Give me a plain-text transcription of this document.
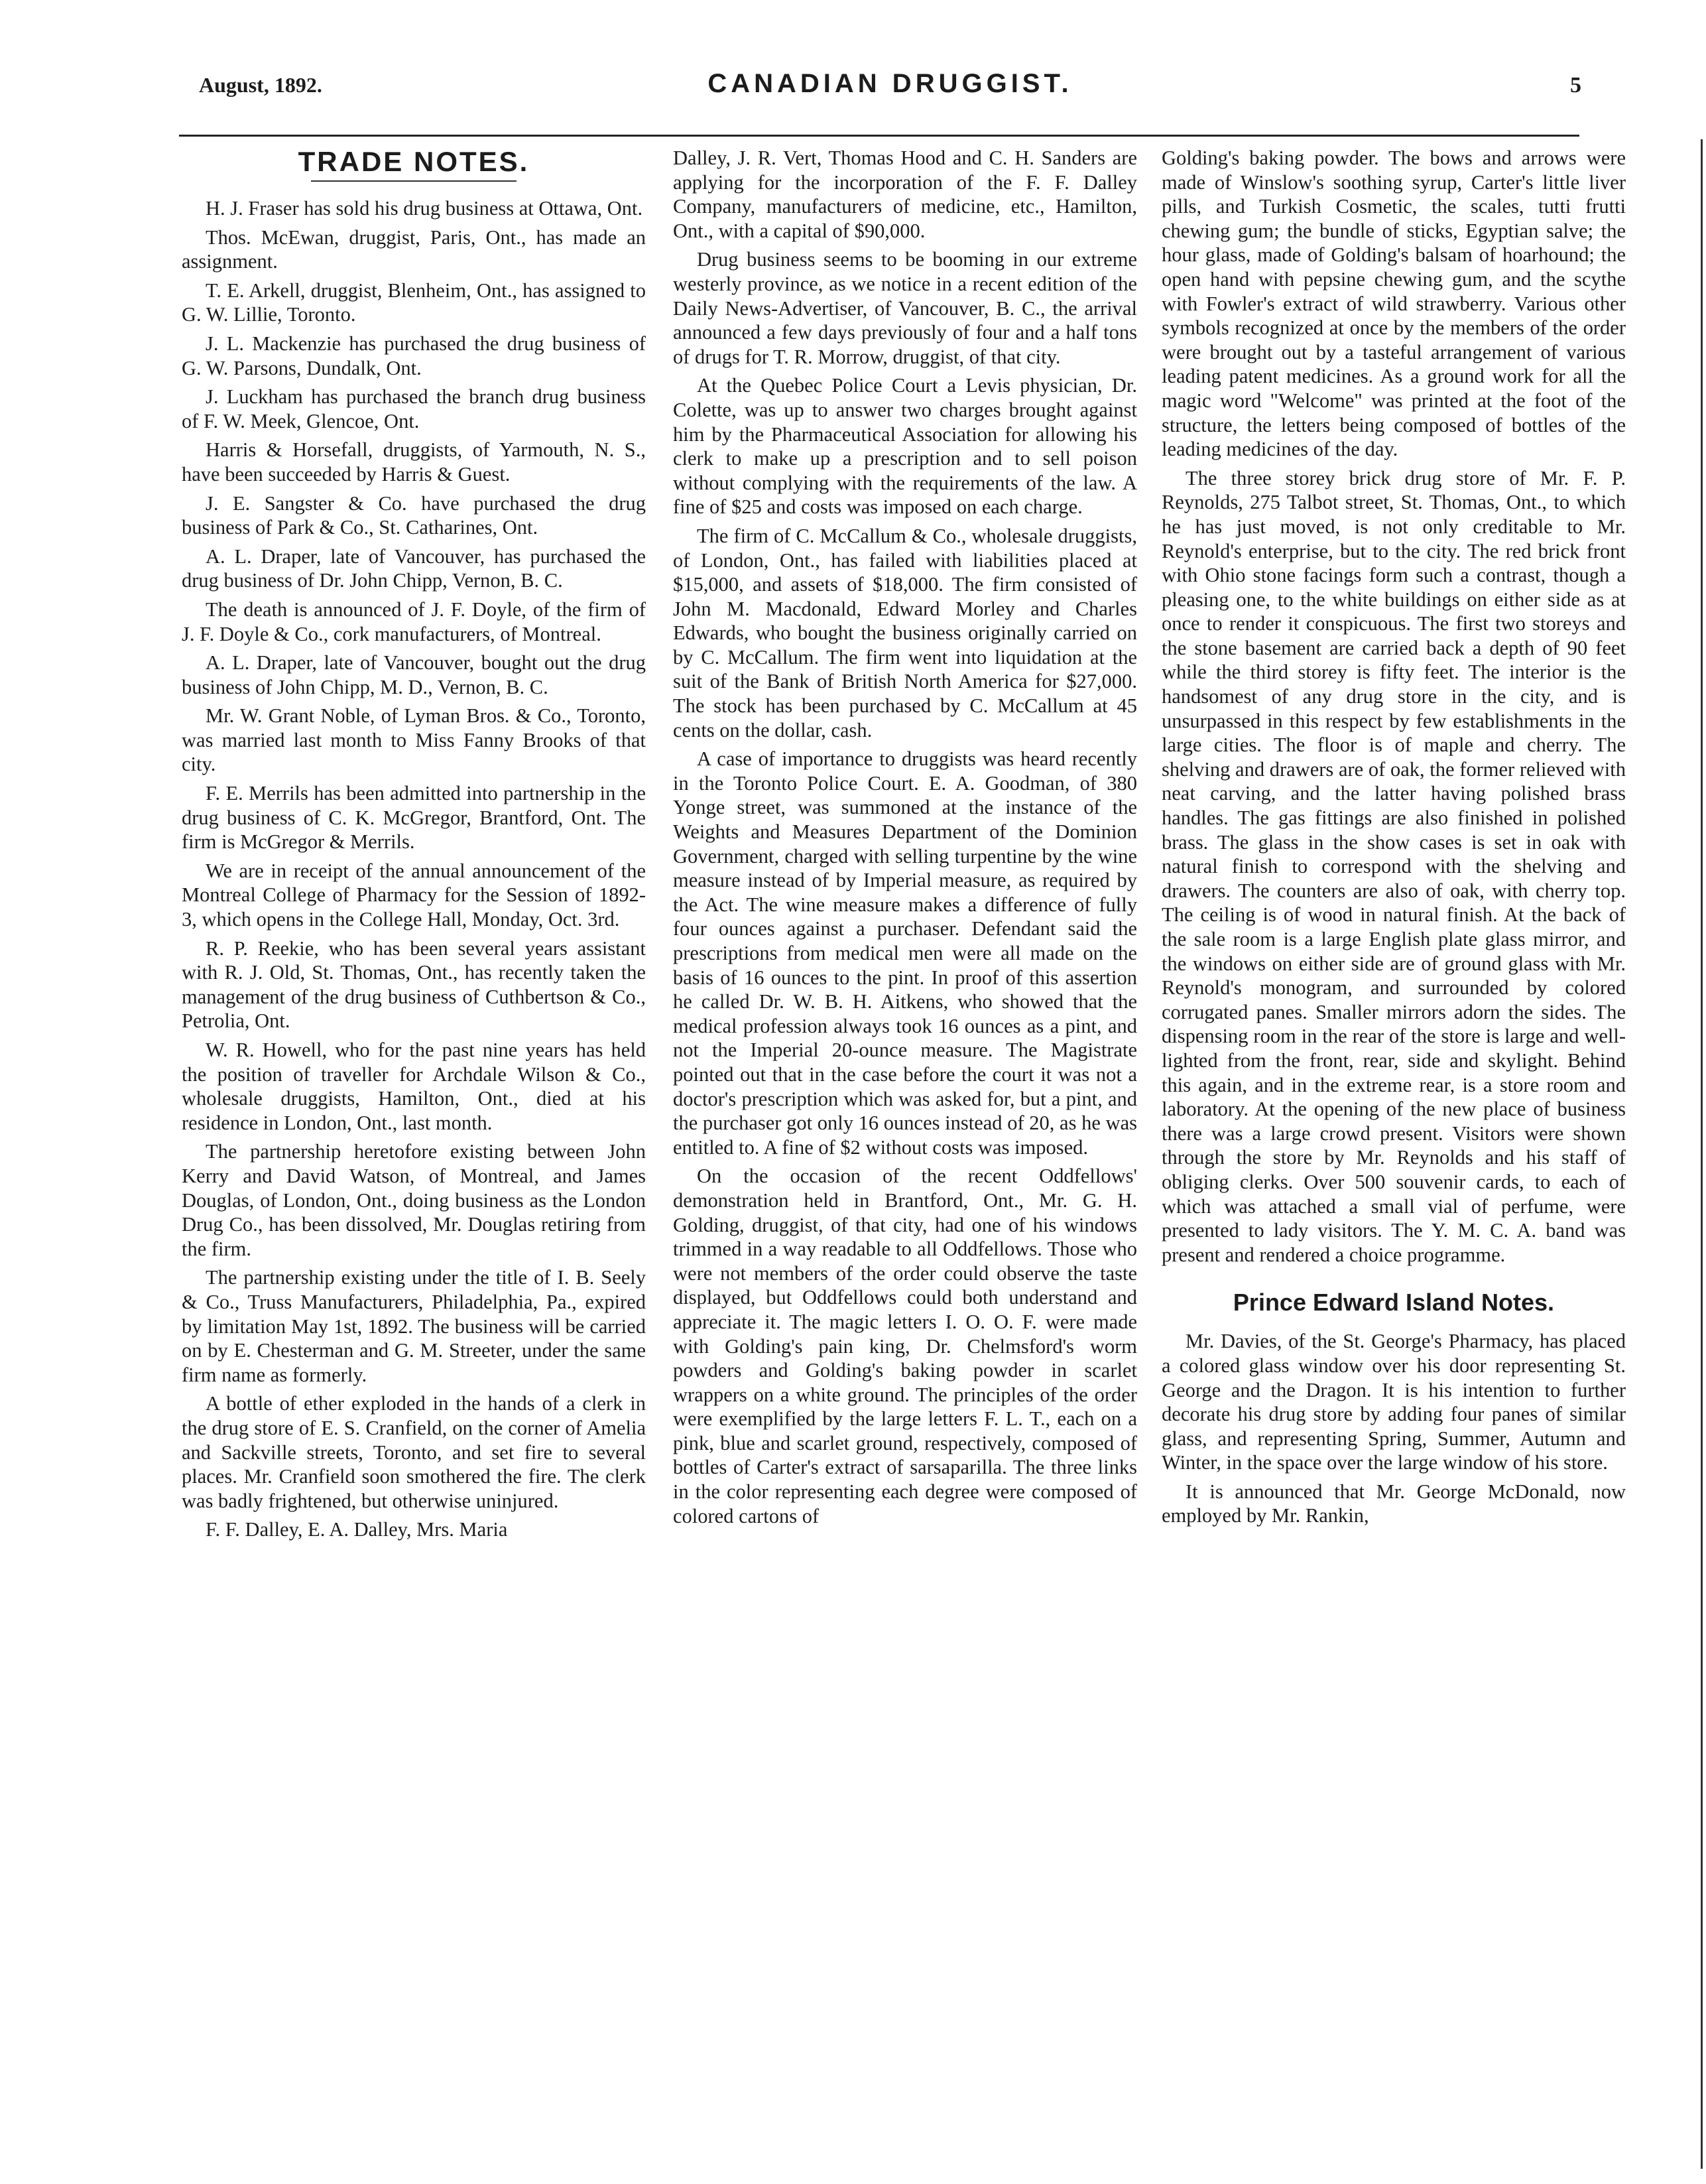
August, 1892.	CANADIAN DRUGGIST.	5
TRADE NOTES.

H. J. Fraser has sold his drug business at Ottawa, Ont.

Thos. McEwan, druggist, Paris, Ont., has made an assignment.

T. E. Arkell, druggist, Blenheim, Ont., has assigned to G. W. Lillie, Toronto.

J. L. Mackenzie has purchased the drug business of G. W. Parsons, Dundalk, Ont.

J. Luckham has purchased the branch drug business of F. W. Meek, Glencoe, Ont.

Harris & Horsefall, druggists, of Yarmouth, N. S., have been succeeded by Harris & Guest.

J. E. Sangster & Co. have purchased the drug business of Park & Co., St. Catharines, Ont.

A. L. Draper, late of Vancouver, has purchased the drug business of Dr. John Chipp, Vernon, B. C.

The death is announced of J. F. Doyle, of the firm of J. F. Doyle & Co., cork manufacturers, of Montreal.

A. L. Draper, late of Vancouver, bought out the drug business of John Chipp, M. D., Vernon, B. C.

Mr. W. Grant Noble, of Lyman Bros. & Co., Toronto, was married last month to Miss Fanny Brooks of that city.

F. E. Merrils has been admitted into partnership in the drug business of C. K. McGregor, Brantford, Ont. The firm is McGregor & Merrils.

We are in receipt of the annual announcement of the Montreal College of Pharmacy for the Session of 1892-3, which opens in the College Hall, Monday, Oct. 3rd.

R. P. Reekie, who has been several years assistant with R. J. Old, St. Thomas, Ont., has recently taken the management of the drug business of Cuthbertson & Co., Petrolia, Ont.

W. R. Howell, who for the past nine years has held the position of traveller for Archdale Wilson & Co., wholesale druggists, Hamilton, Ont., died at his residence in London, Ont., last month.

The partnership heretofore existing between John Kerry and David Watson, of Montreal, and James Douglas, of London, Ont., doing business as the London Drug Co., has been dissolved, Mr. Douglas retiring from the firm.

The partnership existing under the title of I. B. Seely & Co., Truss Manufacturers, Philadelphia, Pa., expired by limitation May 1st, 1892. The business will be carried on by E. Chesterman and G. M. Streeter, under the same firm name as formerly.

A bottle of ether exploded in the hands of a clerk in the drug store of E. S. Cranfield, on the corner of Amelia and Sackville streets, Toronto, and set fire to several places. Mr. Cranfield soon smothered the fire. The clerk was badly frightened, but otherwise uninjured.

F. F. Dalley, E. A. Dalley, Mrs. Maria

Dalley, J. R. Vert, Thomas Hood and C. H. Sanders are applying for the incorporation of the F. F. Dalley Company, manufacturers of medicine, etc., Hamilton, Ont., with a capital of $90,000.

Drug business seems to be booming in our extreme westerly province, as we notice in a recent edition of the Daily News-Advertiser, of Vancouver, B. C., the arrival announced a few days previously of four and a half tons of drugs for T. R. Morrow, druggist, of that city.

At the Quebec Police Court a Levis physician, Dr. Colette, was up to answer two charges brought against him by the Pharmaceutical Association for allowing his clerk to make up a prescription and to sell poison without complying with the requirements of the law. A fine of $25 and costs was imposed on each charge.

The firm of C. McCallum & Co., wholesale druggists, of London, Ont., has failed with liabilities placed at $15,000, and assets of $18,000. The firm consisted of John M. Macdonald, Edward Morley and Charles Edwards, who bought the business originally carried on by C. McCallum. The firm went into liquidation at the suit of the Bank of British North America for $27,000. The stock has been purchased by C. McCallum at 45 cents on the dollar, cash.

A case of importance to druggists was heard recently in the Toronto Police Court. E. A. Goodman, of 380 Yonge street, was summoned at the instance of the Weights and Measures Department of the Dominion Government, charged with selling turpentine by the wine measure instead of by Imperial measure, as required by the Act. The wine measure makes a difference of fully four ounces against a purchaser. Defendant said the prescriptions from medical men were all made on the basis of 16 ounces to the pint. In proof of this assertion he called Dr. W. B. H. Aitkens, who showed that the medical profession always took 16 ounces as a pint, and not the Imperial 20-ounce measure. The Magistrate pointed out that in the case before the court it was not a doctor's prescription which was asked for, but a pint, and the purchaser got only 16 ounces instead of 20, as he was entitled to. A fine of $2 without costs was imposed.

On the occasion of the recent Oddfellows' demonstration held in Brantford, Ont., Mr. G. H. Golding, druggist, of that city, had one of his windows trimmed in a way readable to all Oddfellows. Those who were not members of the order could observe the taste displayed, but Oddfellows could both understand and appreciate it. The magic letters I. O. O. F. were made with Golding's pain king, Dr. Chelmsford's worm powders and Golding's baking powder in scarlet wrappers on a white ground. The principles of the order were exemplified by the large letters F. L. T., each on a pink, blue and scarlet ground, respectively, composed of bottles of Carter's extract of sarsaparilla. The three links in the color representing each degree were composed of colored cartons of

Golding's baking powder. The bows and arrows were made of Winslow's soothing syrup, Carter's little liver pills, and Turkish Cosmetic, the scales, tutti frutti chewing gum; the bundle of sticks, Egyptian salve; the hour glass, made of Golding's balsam of hoarhound; the open hand with pepsine chewing gum, and the scythe with Fowler's extract of wild strawberry. Various other symbols recognized at once by the members of the order were brought out by a tasteful arrangement of various leading patent medicines. As a ground work for all the magic word "Welcome" was printed at the foot of the structure, the letters being composed of bottles of the leading medicines of the day.

The three storey brick drug store of Mr. F. P. Reynolds, 275 Talbot street, St. Thomas, Ont., to which he has just moved, is not only creditable to Mr. Reynold's enterprise, but to the city. The red brick front with Ohio stone facings form such a contrast, though a pleasing one, to the white buildings on either side as at once to render it conspicuous. The first two storeys and the stone basement are carried back a depth of 90 feet while the third storey is fifty feet. The interior is the handsomest of any drug store in the city, and is unsurpassed in this respect by few establishments in the large cities. The floor is of maple and cherry. The shelving and drawers are of oak, the former relieved with neat carving, and the latter having polished brass handles. The gas fittings are also finished in polished brass. The glass in the show cases is set in oak with natural finish to correspond with the shelving and drawers. The counters are also of oak, with cherry top. The ceiling is of wood in natural finish. At the back of the sale room is a large English plate glass mirror, and the windows on either side are of ground glass with Mr. Reynold's monogram, and surrounded by colored corrugated panes. Smaller mirrors adorn the sides. The dispensing room in the rear of the store is large and well-lighted from the front, rear, side and skylight. Behind this again, and in the extreme rear, is a store room and laboratory. At the opening of the new place of business there was a large crowd present. Visitors were shown through the store by Mr. Reynolds and his staff of obliging clerks. Over 500 souvenir cards, to each of which was attached a small vial of perfume, were presented to lady visitors. The Y. M. C. A. band was present and rendered a choice programme.

Prince Edward Island Notes.

Mr. Davies, of the St. George's Pharmacy, has placed a colored glass window over his door representing St. George and the Dragon. It is his intention to further decorate his drug store by adding four panes of similar glass, and representing Spring, Summer, Autumn and Winter, in the space over the large window of his store.

It is announced that Mr. George McDonald, now employed by Mr. Rankin,
